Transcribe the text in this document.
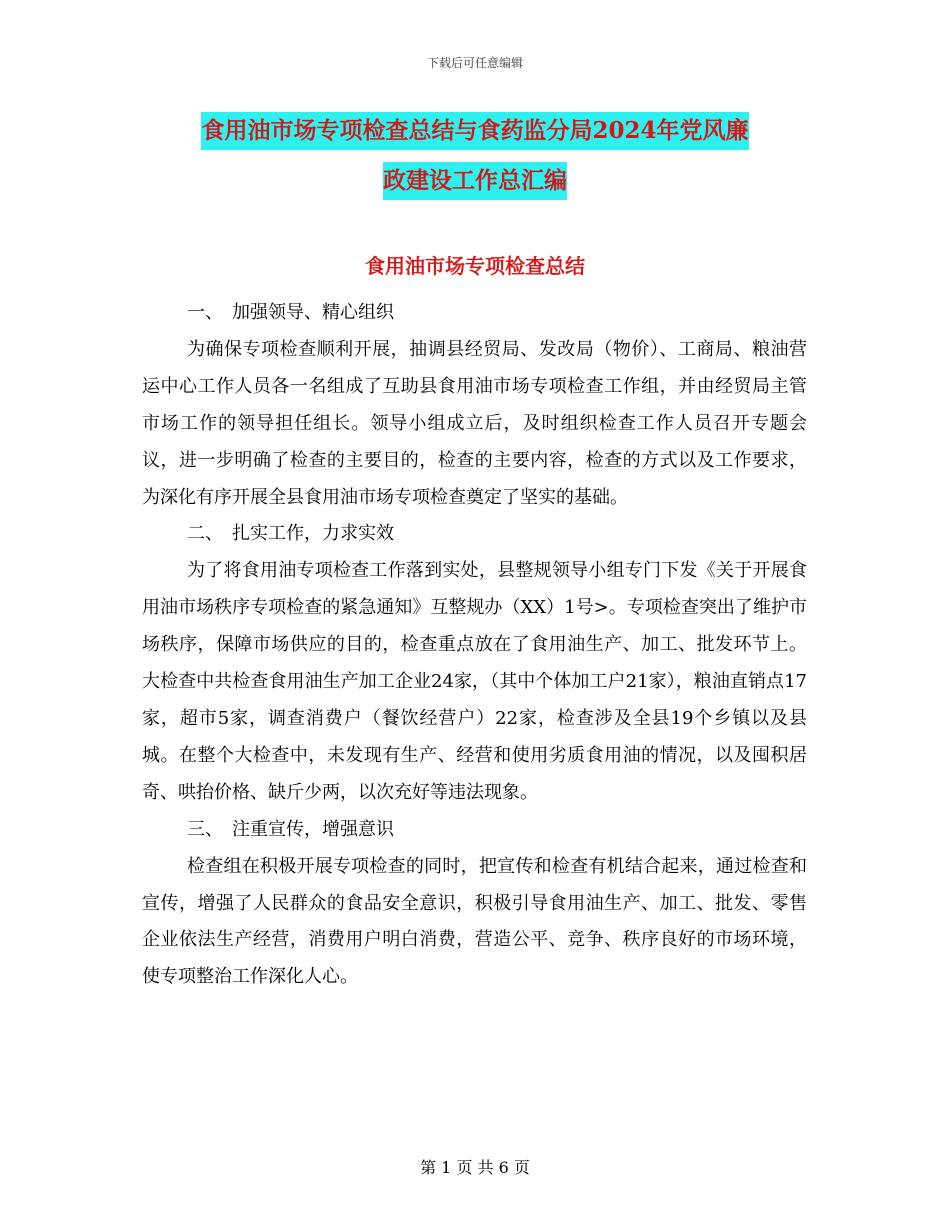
下载后可任意编辑
食用油市场专项检查总结与食药监分局2024年党风廉
政建设工作总汇编
食用油市场专项检查总结

一、　加强领导、精心组织

为确保专项检查顺利开展，抽调县经贸局、发改局（物价）、工商局、粮油营运中心工作人员各一名组成了互助县食用油市场专项检查工作组，并由经贸局主管市场工作的领导担任组长。领导小组成立后，及时组织检查工作人员召开专题会议，进一步明确了检查的主要目的，检查的主要内容，检查的方式以及工作要求，为深化有序开展全县食用油市场专项检查奠定了坚实的基础。

二、　扎实工作，力求实效

为了将食用油专项检查工作落到实处，县整规领导小组专门下发《关于开展食用油市场秩序专项检查的紧急通知》互整规办（XX）1号>。专项检查突出了维护市场秩序，保障市场供应的目的，检查重点放在了食用油生产、加工、批发环节上。大检查中共检查食用油生产加工企业24家，（其中个体加工户21家），粮油直销点17家，超市5家，调查消费户（餐饮经营户）22家，检查涉及全县19个乡镇以及县城。在整个大检查中，未发现有生产、经营和使用劣质食用油的情况，以及囤积居奇、哄抬价格、缺斤少两，以次充好等违法现象。

三、　注重宣传，增强意识

检查组在积极开展专项检查的同时，把宣传和检查有机结合起来，通过检查和宣传，增强了人民群众的食品安全意识，积极引导食用油生产、加工、批发、零售企业依法生产经营，消费用户明白消费，营造公平、竞争、秩序良好的市场环境，使专项整治工作深化人心。

第 1 页 共 6 页
